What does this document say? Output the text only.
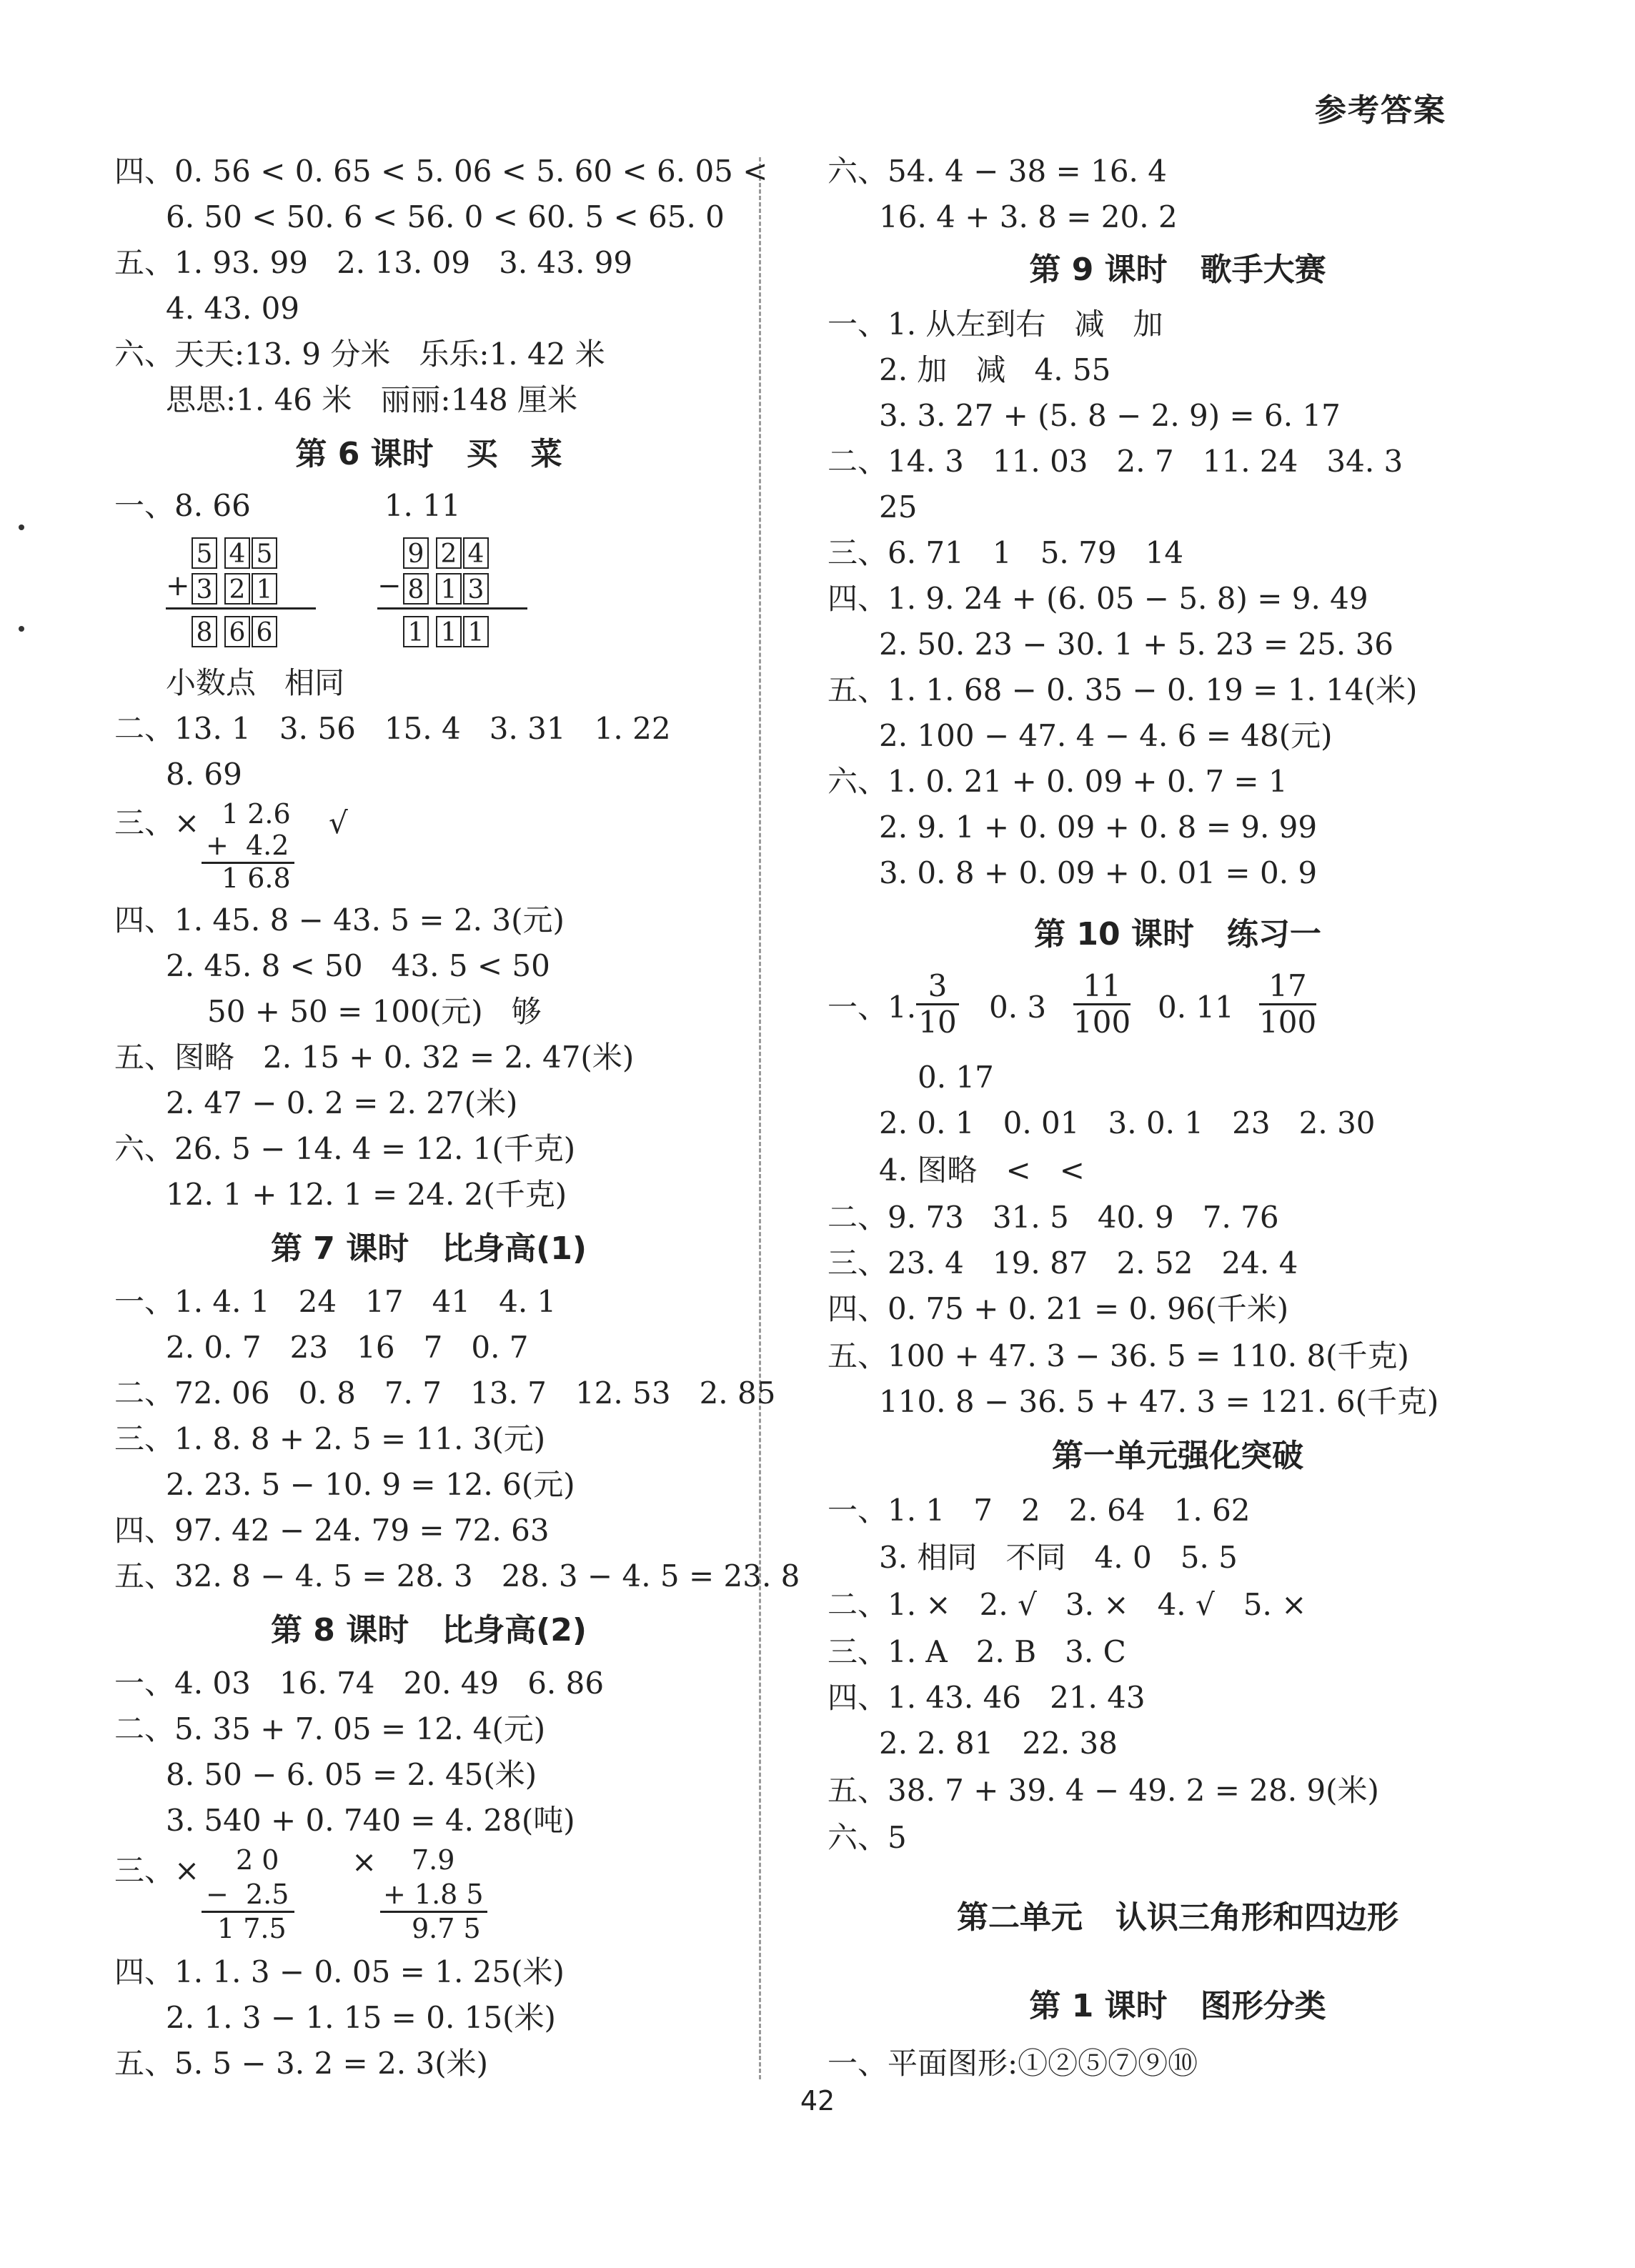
参考答案

四、0. 56 < 0. 65 < 5. 06 < 5. 60 < 6. 05 <

6. 50 < 50. 6 < 56. 0 < 60. 5 < 65. 0

五、1. 93. 99   2. 13. 09   3. 43. 99

4. 43. 09

六、天天:13. 9 分米   乐乐:1. 42 米

思思:1. 46 米   丽丽:148 厘米

第 6 课时   买   菜

一、8. 66              1. 11

5 4 5

+

3 2 1

8 6 6

9 2 4

−

8 1 3

1 1 1

小数点   相同

二、13. 1   3. 56   15. 4   3. 31   1. 22

8. 69

三、× 1 2.6

+  4.2

1 6.8

√

四、1. 45. 8 − 43. 5 = 2. 3(元)

2. 45. 8 < 50   43. 5 < 50

50 + 50 = 100(元)   够

五、图略   2. 15 + 0. 32 = 2. 47(米)

2. 47 − 0. 2 = 2. 27(米)

六、26. 5 − 14. 4 = 12. 1(千克)

12. 1 + 12. 1 = 24. 2(千克)

第 7 课时   比身高(1)

一、1. 4. 1   24   17   41   4. 1

2. 0. 7   23   16   7   0. 7

二、72. 06   0. 8   7. 7   13. 7   12. 53   2. 85

三、1. 8. 8 + 2. 5 = 11. 3(元)

2. 23. 5 − 10. 9 = 12. 6(元)

四、97. 42 − 24. 79 = 72. 63

五、32. 8 − 4. 5 = 28. 3   28. 3 − 4. 5 = 23. 8

第 8 课时   比身高(2)

一、4. 03   16. 74   20. 49   6. 86

二、5. 35 + 7. 05 = 12. 4(元)

8. 50 − 6. 05 = 2. 45(米)

3. 540 + 0. 740 = 4. 28(吨)

三、× 2 0

−  2.5

1 7.5

× 7.9

+ 1.8 5

9.7 5

四、1. 1. 3 − 0. 05 = 1. 25(米)

2. 1. 3 − 1. 15 = 0. 15(米)

五、5. 5 − 3. 2 = 2. 3(米)

六、54. 4 − 38 = 16. 4

16. 4 + 3. 8 = 20. 2

第 9 课时   歌手大赛

一、1. 从左到右   减   加

2. 加   减   4. 55

3. 3. 27 + (5. 8 − 2. 9) = 6. 17

二、14. 3   11. 03   2. 7   11. 24   34. 3

25

三、6. 71   1   5. 79   14

四、1. 9. 24 + (6. 05 − 5. 8) = 9. 49

2. 50. 23 − 30. 1 + 5. 23 = 25. 36

五、1. 1. 68 − 0. 35 − 0. 19 = 1. 14(米)

2. 100 − 47. 4 − 4. 6 = 48(元)

六、1. 0. 21 + 0. 09 + 0. 7 = 1

2. 9. 1 + 0. 09 + 0. 8 = 9. 99

3. 0. 8 + 0. 09 + 0. 01 = 0. 9

第 10 课时   练习一

一、1. $\frac{3}{10} 0$. $3 \frac{11}{100} 0$. $11 \frac{17}{100}$

0. 17

2. 0. 1   0. 01   3. 0. 1   23   2. 30

4. 图略   <   <

二、9. 73   31. 5   40. 9   7. 76

三、23. 4   19. 87   2. 52   24. 4

四、0. 75 + 0. 21 = 0. 96(千米)

五、100 + 47. 3 − 36. 5 = 110. 8(千克)

110. 8 − 36. 5 + 47. 3 = 121. 6(千克)

第一单元强化突破

一、1. 1   7   2   2. 64   1. 62

3. 相同   不同   4. 0   5. 5

二、1. ×   2. √   3. ×   4. √   5. ×

三、1. A   2. B   3. C

四、1. 43. 46   21. 43

2. 2. 81   22. 38

五、38. 7 + 39. 4 − 49. 2 = 28. 9(米)

六、5

第二单元   认识三角形和四边形

第 1 课时   图形分类

一、平面图形:①②⑤⑦⑨⑩

42
